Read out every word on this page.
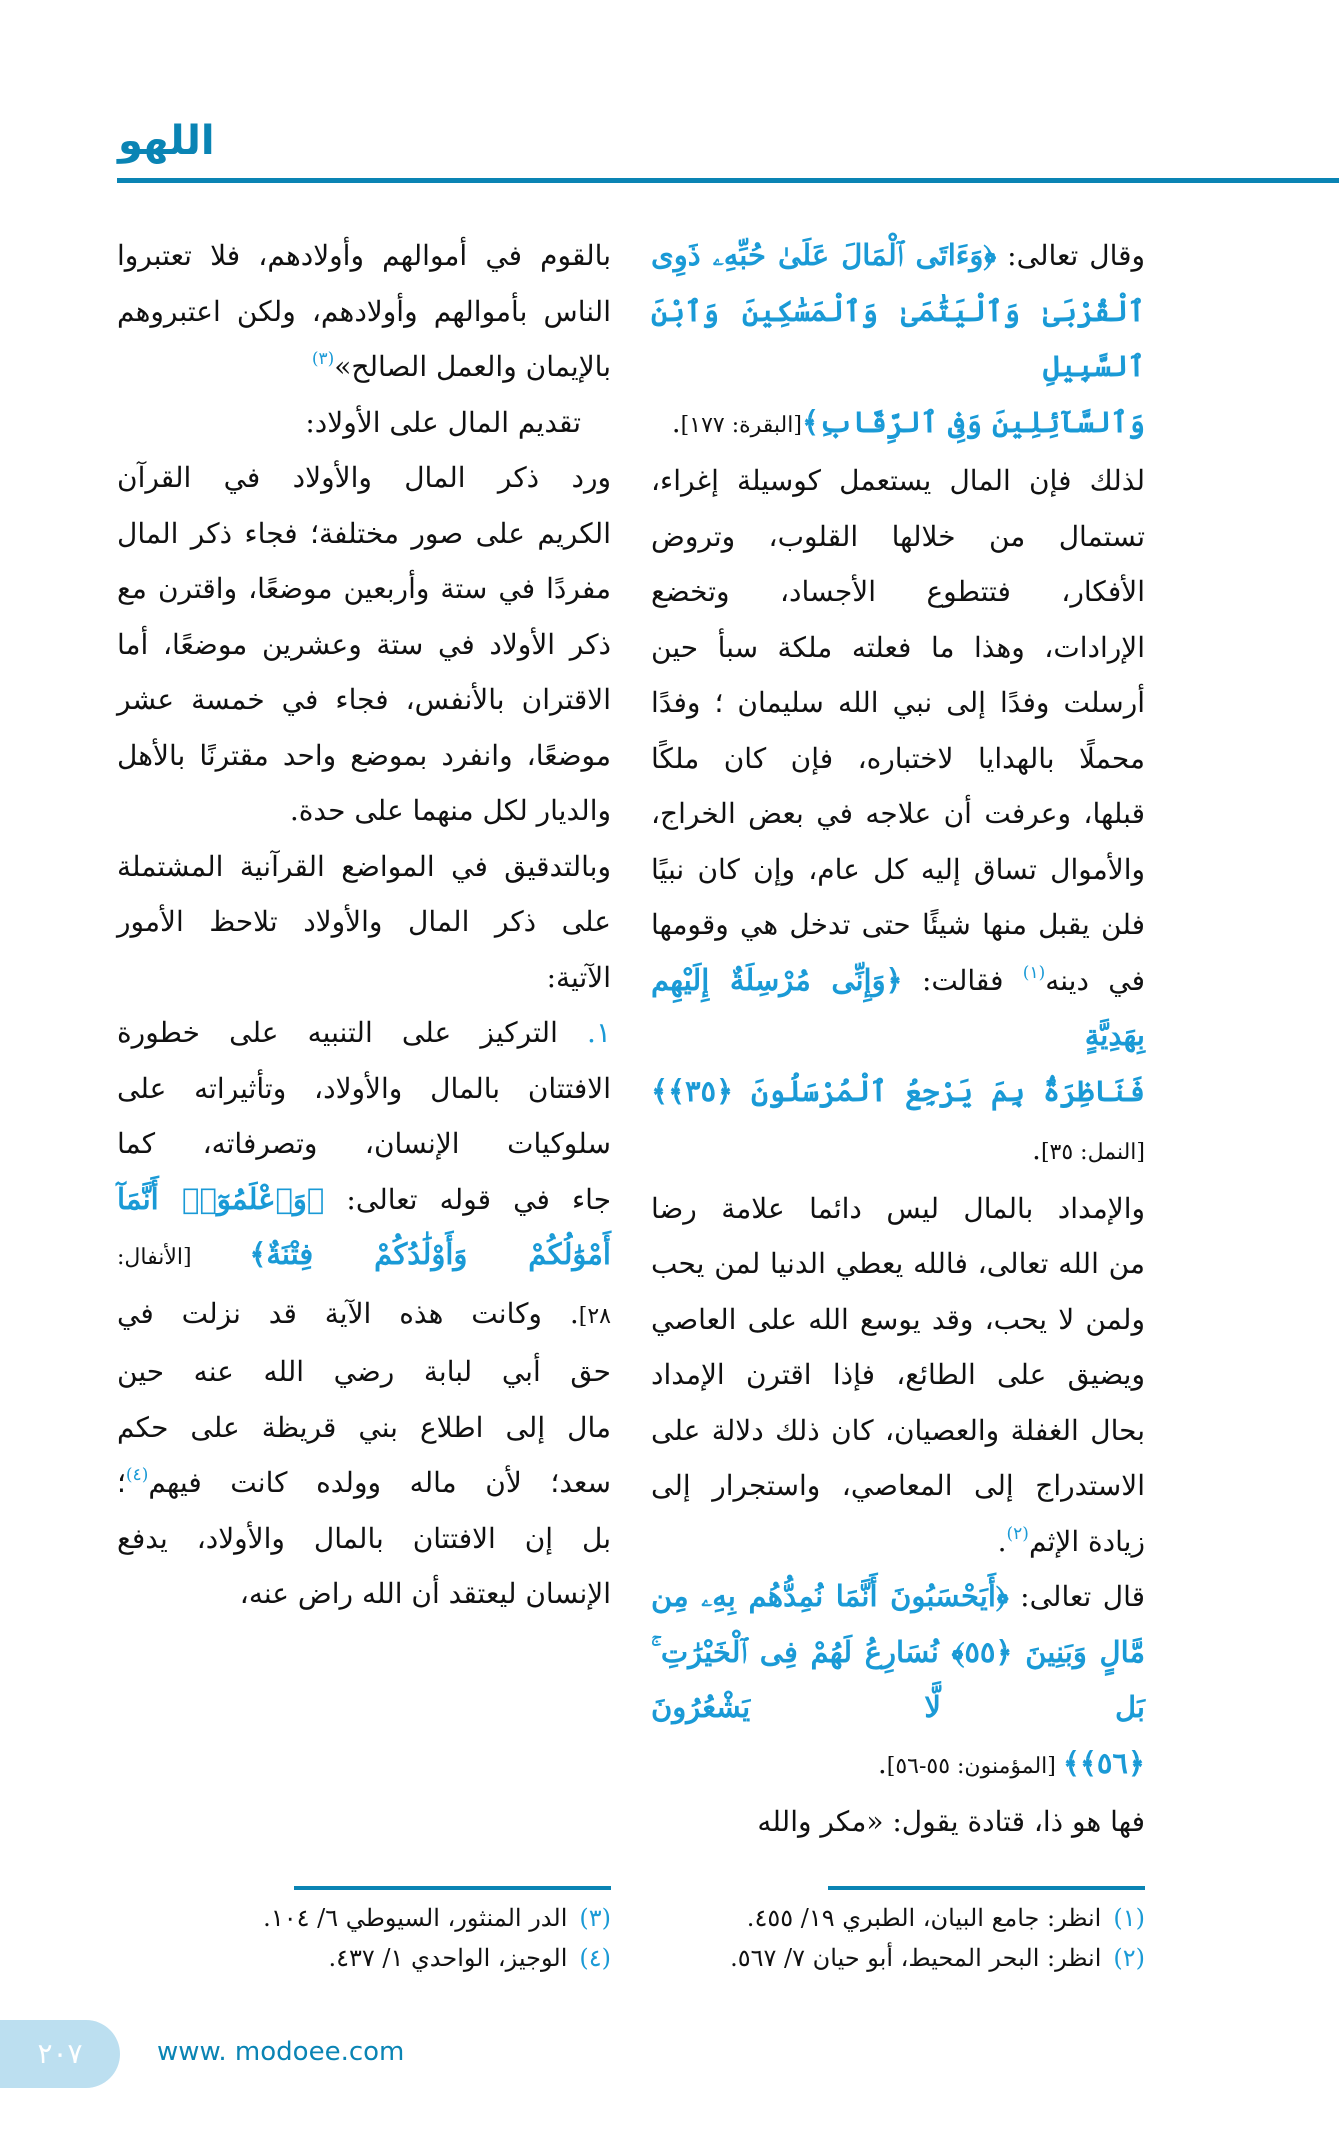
اللهو
بالقوم في أموالهم وأولادهم، فلا تعتبروا
الناس بأموالهم وأولادهم، ولكن اعتبروهم
بالإيمان والعمل الصالح»$^{(٣)}$
تقديم المال على الأولاد:
ورد ذكر المال والأولاد في القرآن
الكريم على صور مختلفة؛ فجاء ذكر المال
مفردًا في ستة وأربعين موضعًا، واقترن مع
ذكر الأولاد في ستة وعشرين موضعًا، أما
الاقتران بالأنفس، فجاء في خمسة عشر
موضعًا، وانفرد بموضع واحد مقترنًا بالأهل
والديار لكل منهما على حدة.
وبالتدقيق في المواضع القرآنية المشتملة
على ذكر المال والأولاد تلاحظ الأمور
الآتية:
١. التركيز على التنبيه على خطورة
الافتتان بالمال والأولاد، وتأثيراته على
سلوكيات الإنسان، وتصرفاته، كما
جاء في قوله تعالى: ﴿وَٱعْلَمُوٓا۟ أَنَّمَآ
أَمْوَٰلُكُمْ وَأَوْلَٰدُكُمْ فِتْنَةٌ﴾ [الأنفال:
٢٨]. وكانت هذه الآية قد نزلت في
حق أبي لبابة رضي الله عنه حين
مال إلى اطلاع بني قريظة على حكم
سعد؛ لأن ماله وولده كانت فيهم$^{(٤)}$؛
بل إن الافتتان بالمال والأولاد، يدفع
الإنسان ليعتقد أن الله راض عنه،
وقال تعالى: ﴿وَءَاتَى ٱلْمَالَ عَلَىٰ حُبِّهِۦ ذَوِى
ٱلْقُرْبَىٰ وَٱلْيَتَٰمَىٰ وَٱلْمَسَٰكِينَ وَٱبْنَ ٱلسَّبِيلِ
وَٱلسَّآئِلِينَ وَفِى ٱلرِّقَابِ﴾[البقرة: ١٧٧].
لذلك فإن المال يستعمل كوسيلة إغراء،
تستمال من خلالها القلوب، وتروض
الأفكار، فتتطوع الأجساد، وتخضع
الإرادات، وهذا ما فعلته ملكة سبأ حين
أرسلت وفدًا إلى نبي الله سليمان ؛ وفدًا
محملًا بالهدايا لاختباره، فإن كان ملكًا
قبلها، وعرفت أن علاجه في بعض الخراج،
والأموال تساق إليه كل عام، وإن كان نبيًا
فلن يقبل منها شيئًا حتى تدخل هي وقومها
في دينه$^{(١)}$ فقالت: ﴿وَإِنِّى مُرْسِلَةٌ إِلَيْهِم بِهَدِيَّةٍ
فَنَاظِرَةٌۢ بِمَ يَرْجِعُ ٱلْمُرْسَلُونَ ﴿٣٥﴾﴾ [النمل: ٣٥].
والإمداد بالمال ليس دائما علامة رضا
من الله تعالى، فالله يعطي الدنيا لمن يحب
ولمن لا يحب، وقد يوسع الله على العاصي
ويضيق على الطائع، فإذا اقترن الإمداد
بحال الغفلة والعصيان، كان ذلك دلالة على
الاستدراج إلى المعاصي، واستجرار إلى
زيادة الإثم$^{(٢)}$.
قال تعالى: ﴿أَيَحْسَبُونَ أَنَّمَا نُمِدُّهُم بِهِۦ مِن
مَّالٍ وَبَنِينَ ﴿٥٥﴾ نُسَارِعُ لَهُمْ فِى ٱلْخَيْرَٰتِ ۚ بَل لَّا يَشْعُرُونَ
﴿٥٦﴾﴾ [المؤمنون: ٥٥-٥٦].
فها هو ذا، قتادة يقول: «مكر والله
(٣)الدر المنثور، السيوطي ٦/ ١٠٤.
(٤)الوجيز، الواحدي ١/ ٤٣٧.
(١)انظر: جامع البيان، الطبري ١٩/ ٤٥٥.
(٢)انظر: البحر المحيط، أبو حيان ٧/ ٥٦٧.
٢٠٧	www. modoee.com
